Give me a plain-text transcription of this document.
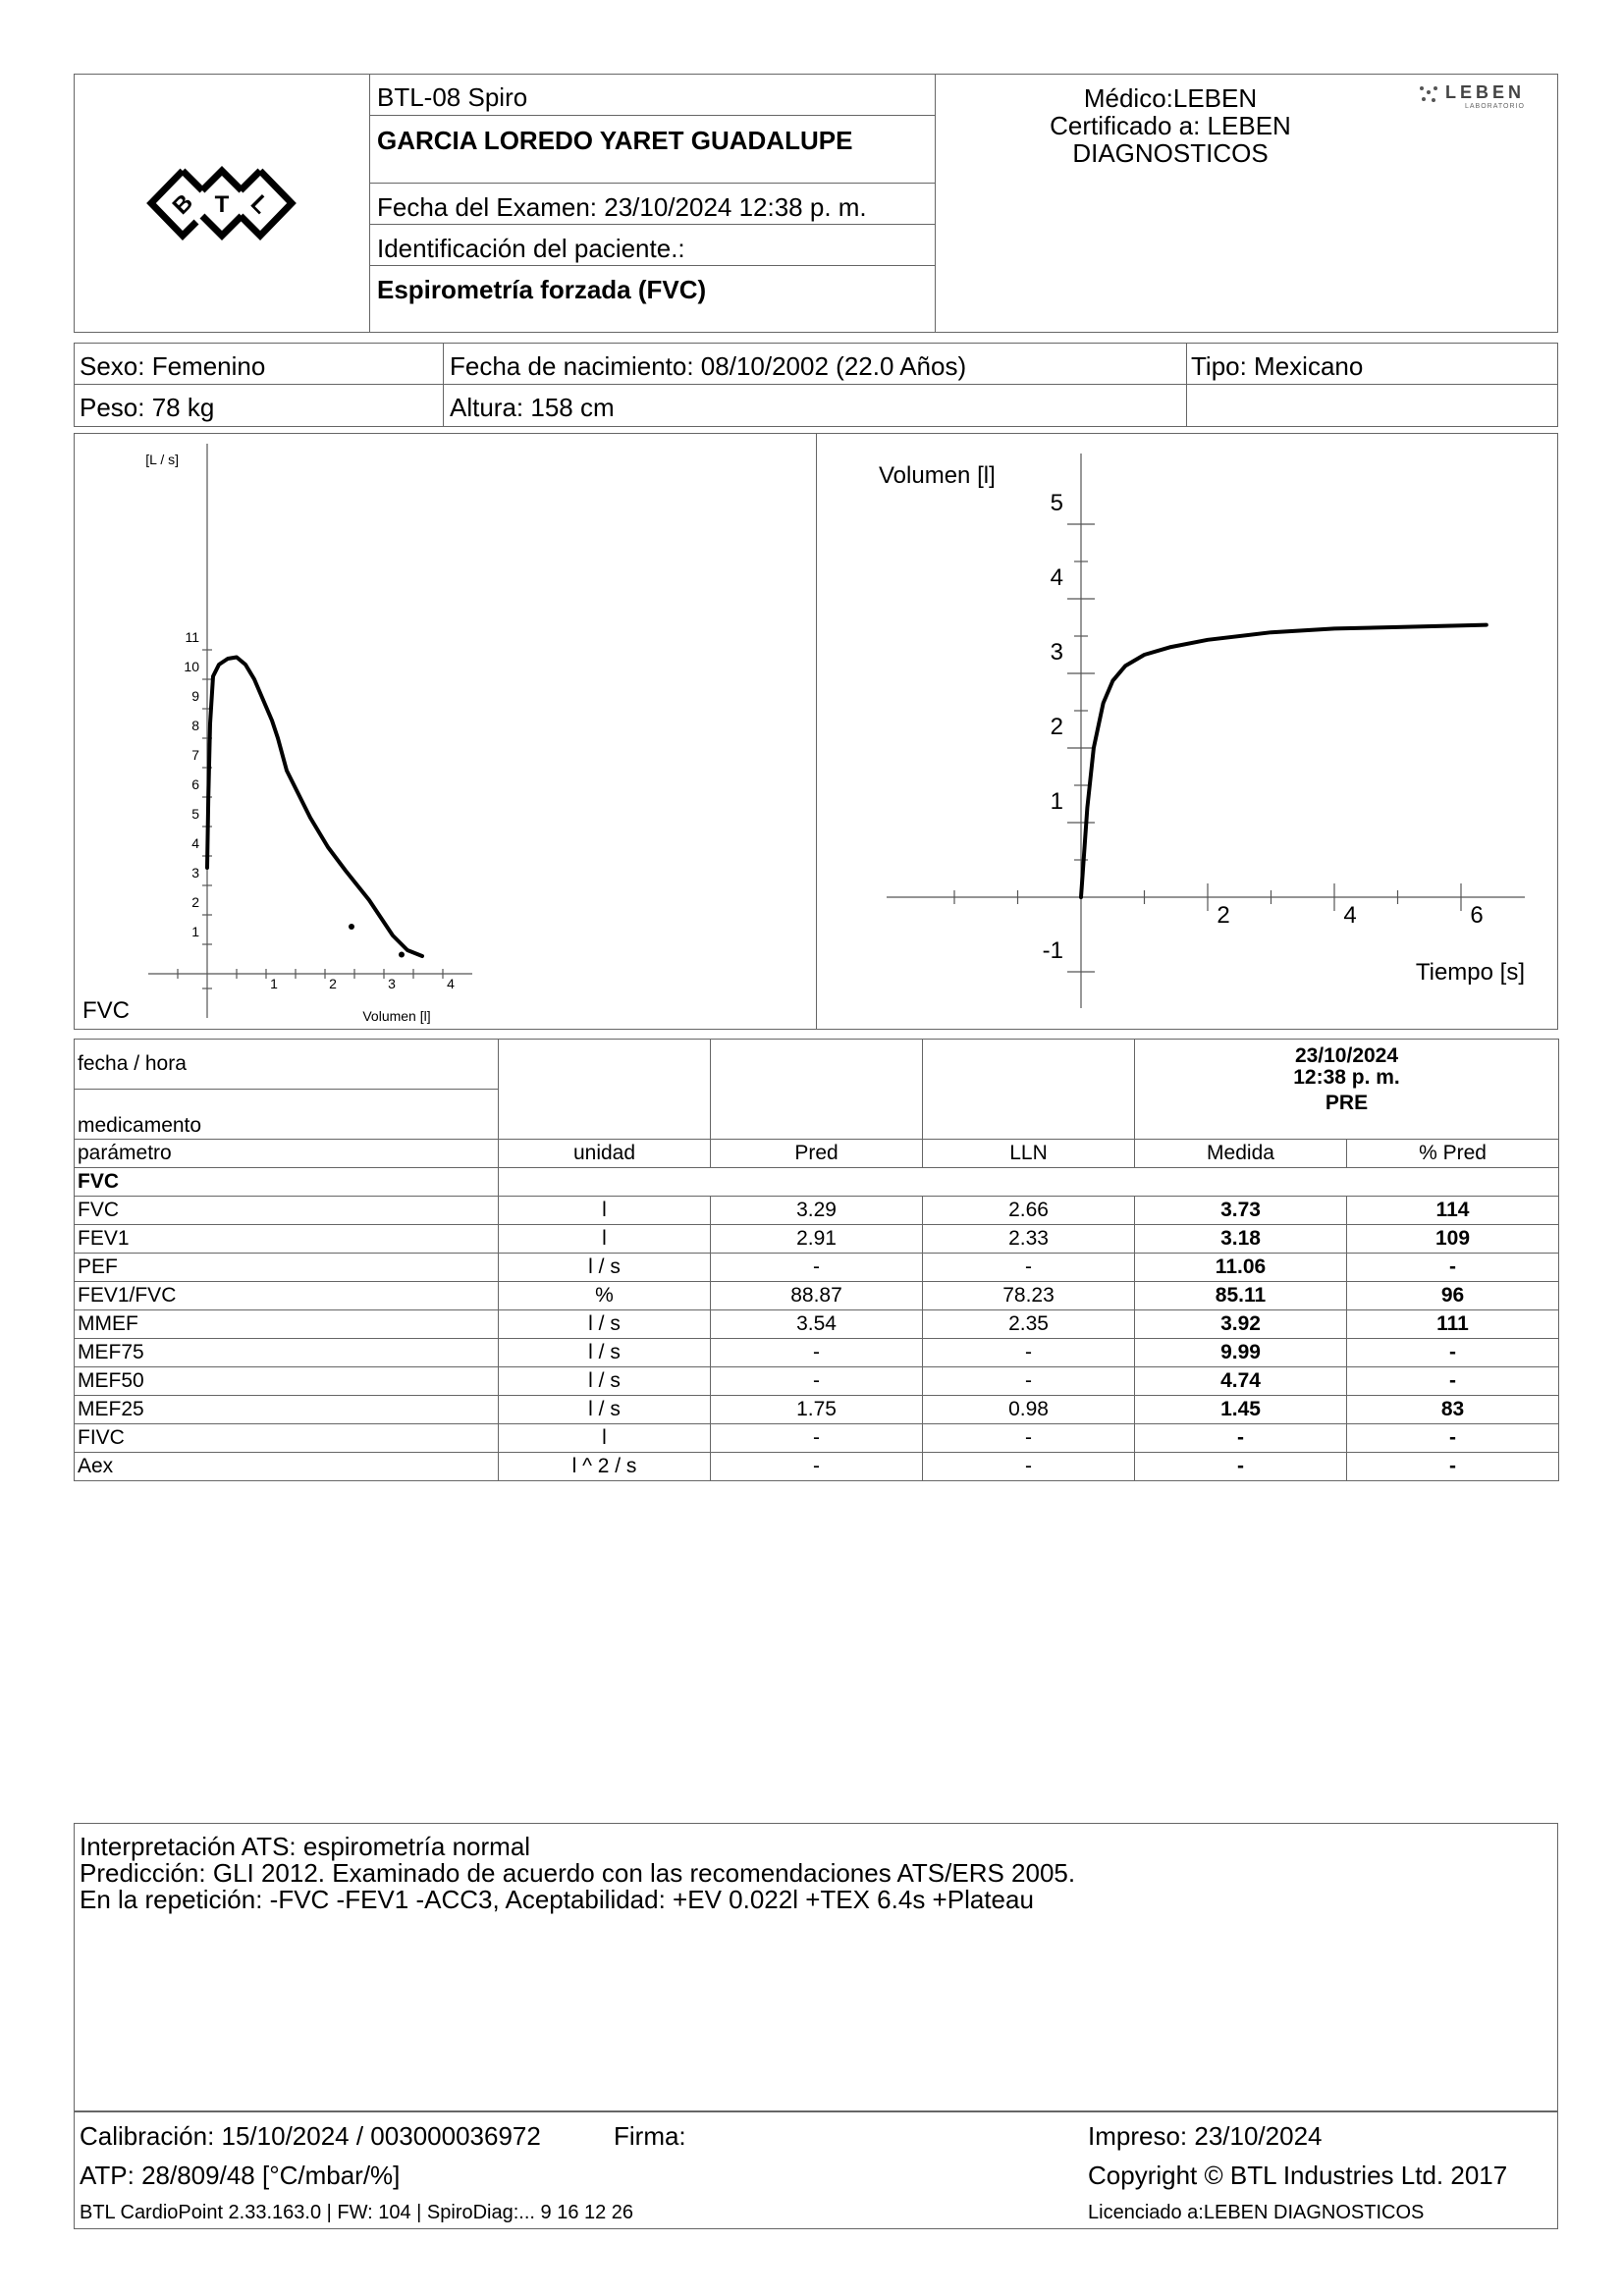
B T L
BTL-08 Spiro
GARCIA LOREDO YARET GUADALUPE
Fecha del Examen: 23/10/2024 12:38 p. m.
Identificación del paciente.:
Espirometría forzada (FVC)
Médico:LEBEN
Certificado a: LEBEN
DIAGNOSTICOS
LEBEN
LABORATORIO
Sexo: Femenino	Fecha de nacimiento: 08/10/2002 (22.0 Años)	Tipo: Mexicano
Peso: 78 kg	Altura: 158 cm
1	2	3	4
1
2
3
4
5
6
7
8
9
10
11
[L / s]
Volumen [l]
FVC
2	4	6
-1
1
2
3
4
5
Volumen [l]
Tiempo [s]
fecha / hora				23/10/2024
12:38 p. m.
PRE	

medicamento					
parámetro	unidad	Pred	LLN	Medida	% Pred
FVC					
FVC	l	3.29	2.66	3.73	114
FEV1	l	2.91	2.33	3.18	109
PEF	l / s	-	-	11.06	-
FEV1/FVC	%	88.87	78.23	85.11	96
MMEF	l / s	3.54	2.35	3.92	111
MEF75	l / s	-	-	9.99	-
MEF50	l / s	-	-	4.74	-
MEF25	l / s	1.75	0.98	1.45	83
FIVC	l	-	-	-	-
Aex	l ^ 2 / s	-	-	-	-
Interpretación ATS: espirometría normal
Predicción: GLI 2012. Examinado de acuerdo con las recomendaciones ATS/ERS 2005.
En la repetición: -FVC -FEV1 -ACC3, Aceptabilidad: +EV 0.022l +TEX 6.4s +Plateau
Calibración: 15/10/2024 / 003000036972	Firma:	Impreso: 23/10/2024
ATP: 28/809/48 [°C/mbar/%]	Copyright © BTL Industries Ltd. 2017
BTL CardioPoint 2.33.163.0 | FW: 104 | SpiroDiag:... 9 16 12 26	Licenciado a:LEBEN DIAGNOSTICOS
